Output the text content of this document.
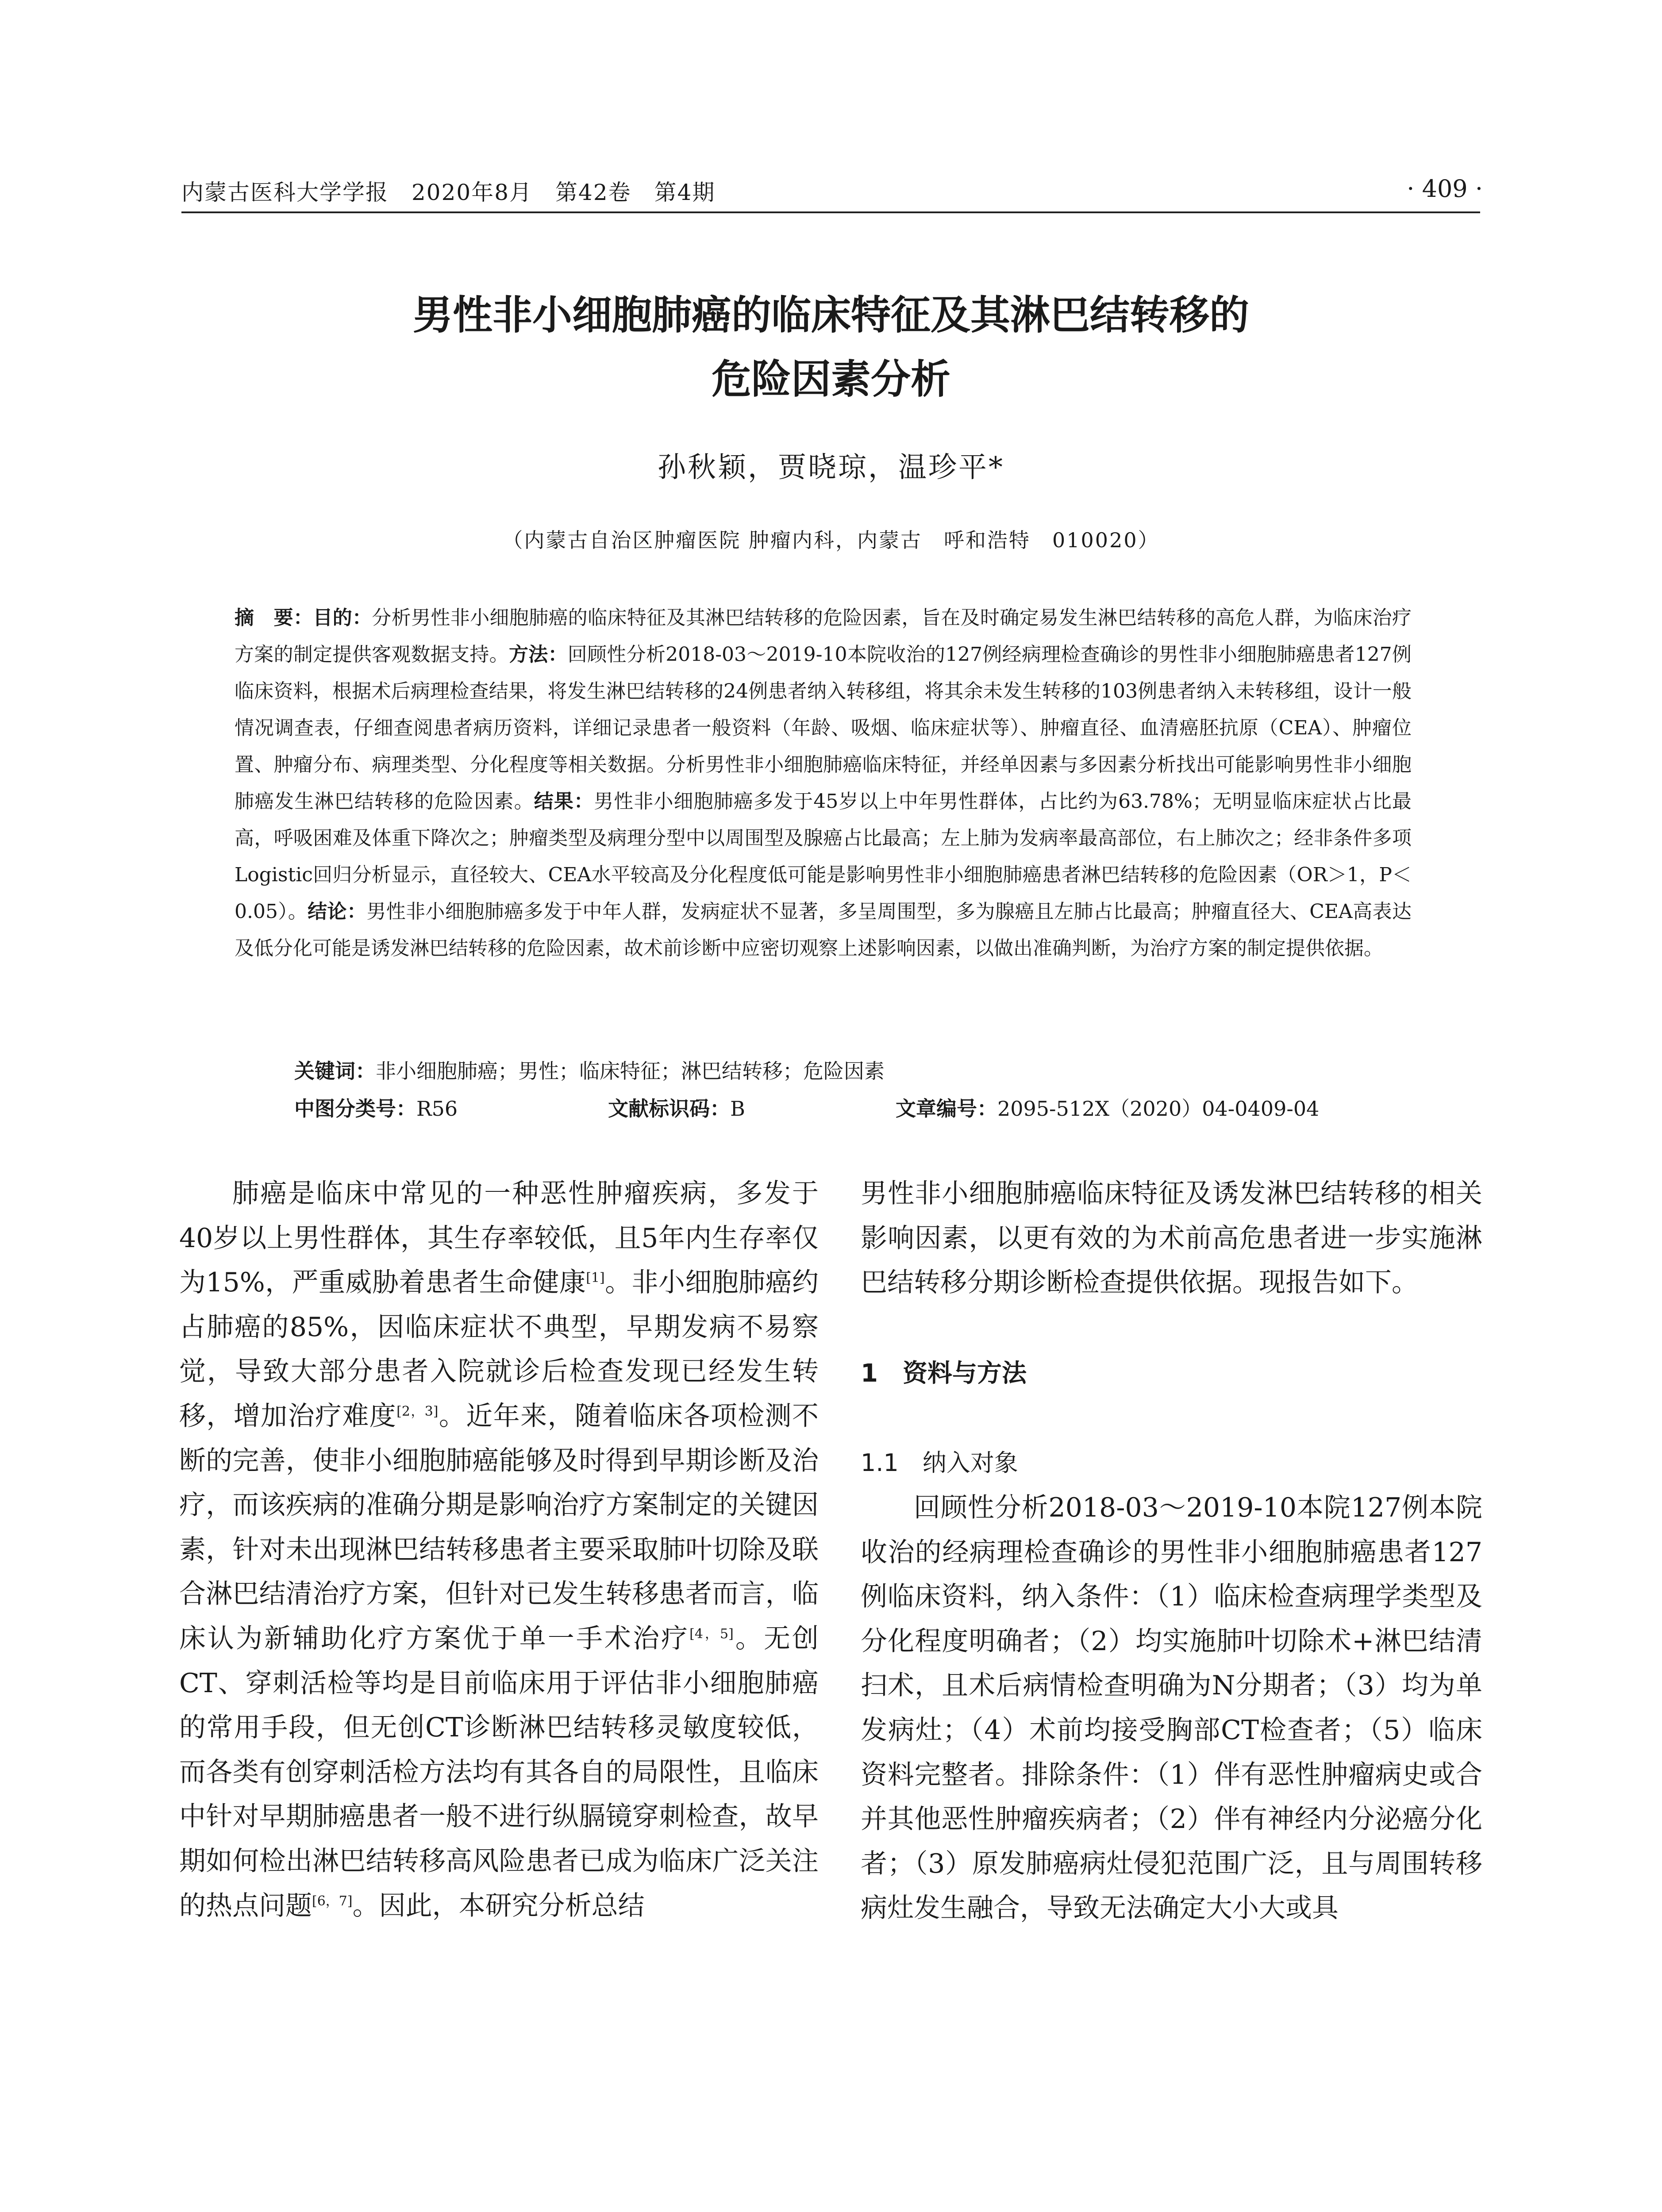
内蒙古医科大学学报　2020年8月　第42卷　第4期	· 409 ·
男性非小细胞肺癌的临床特征及其淋巴结转移的
危险因素分析
孙秋颖，贾晓琼，温珍平*
（内蒙古自治区肿瘤医院 肿瘤内科，内蒙古　呼和浩特　010020）
摘　要：目的：分析男性非小细胞肺癌的临床特征及其淋巴结转移的危险因素，旨在及时确定易发生淋巴结转移的高危人群，为临床治疗方案的制定提供客观数据支持。方法：回顾性分析2018-03～2019-10本院收治的127例经病理检查确诊的男性非小细胞肺癌患者127例临床资料，根据术后病理检查结果，将发生淋巴结转移的24例患者纳入转移组，将其余未发生转移的103例患者纳入未转移组，设计一般情况调查表，仔细查阅患者病历资料，详细记录患者一般资料（年龄、吸烟、临床症状等）、肿瘤直径、血清癌胚抗原（CEA）、肿瘤位置、肿瘤分布、病理类型、分化程度等相关数据。分析男性非小细胞肺癌临床特征，并经单因素与多因素分析找出可能影响男性非小细胞肺癌发生淋巴结转移的危险因素。结果：男性非小细胞肺癌多发于45岁以上中年男性群体，占比约为63.78%；无明显临床症状占比最高，呼吸困难及体重下降次之；肿瘤类型及病理分型中以周围型及腺癌占比最高；左上肺为发病率最高部位，右上肺次之；经非条件多项Logistic回归分析显示，直径较大、CEA水平较高及分化程度低可能是影响男性非小细胞肺癌患者淋巴结转移的危险因素（OR＞1，P＜0.05）。结论：男性非小细胞肺癌多发于中年人群，发病症状不显著，多呈周围型，多为腺癌且左肺占比最高；肿瘤直径大、CEA高表达及低分化可能是诱发淋巴结转移的危险因素，故术前诊断中应密切观察上述影响因素，以做出准确判断，为治疗方案的制定提供依据。
关键词：非小细胞肺癌；男性；临床特征；淋巴结转移；危险因素
中图分类号：R56	文献标识码：B	文章编号：2095-512X（2020）04-0409-04

肺癌是临床中常见的一种恶性肿瘤疾病，多发于40岁以上男性群体，其生存率较低，且5年内生存率仅为15%，严重威胁着患者生命健康[1]。非小细胞肺癌约占肺癌的85%，因临床症状不典型，早期发病不易察觉，导致大部分患者入院就诊后检查发现已经发生转移，增加治疗难度[2，3]。近年来，随着临床各项检测不断的完善，使非小细胞肺癌能够及时得到早期诊断及治疗，而该疾病的准确分期是影响治疗方案制定的关键因素，针对未出现淋巴结转移患者主要采取肺叶切除及联合淋巴结清治疗方案，但针对已发生转移患者而言，临床认为新辅助化疗方案优于单一手术治疗[4，5]。无创CT、穿刺活检等均是目前临床用于评估非小细胞肺癌的常用手段，但无创CT诊断淋巴结转移灵敏度较低，而各类有创穿刺活检方法均有其各自的局限性，且临床中针对早期肺癌患者一般不进行纵膈镜穿刺检查，故早期如何检出淋巴结转移高风险患者已成为临床广泛关注的热点问题[6，7]。因此，本研究分析总结

男性非小细胞肺癌临床特征及诱发淋巴结转移的相关影响因素，以更有效的为术前高危患者进一步实施淋巴结转移分期诊断检查提供依据。现报告如下。

1　资料与方法
1.1　纳入对象

回顾性分析2018-03～2019-10本院127例本院收治的经病理检查确诊的男性非小细胞肺癌患者127例临床资料，纳入条件：（1）临床检查病理学类型及分化程度明确者；（2）均实施肺叶切除术+淋巴结清扫术，且术后病情检查明确为N分期者；（3）均为单发病灶；（4）术前均接受胸部CT检查者；（5）临床资料完整者。排除条件：（1）伴有恶性肿瘤病史或合并其他恶性肿瘤疾病者；（2）伴有神经内分泌癌分化者；（3）原发肺癌病灶侵犯范围广泛，且与周围转移病灶发生融合，导致无法确定大小大或具
